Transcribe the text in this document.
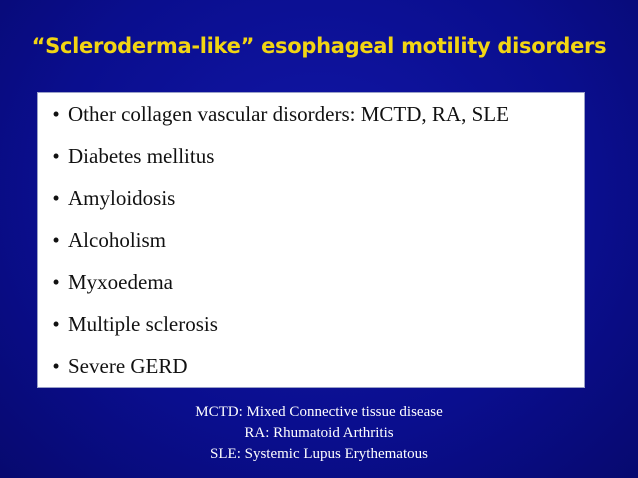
“Scleroderma-like” esophageal motility disorders
• Other collagen vascular disorders: MCTD, RA, SLE
• Diabetes mellitus
• Amyloidosis
• Alcoholism
• Myxoedema
• Multiple sclerosis
• Severe GERD
MCTD: Mixed Connective tissue disease
RA: Rhumatoid Arthritis
SLE: Systemic Lupus Erythematous
